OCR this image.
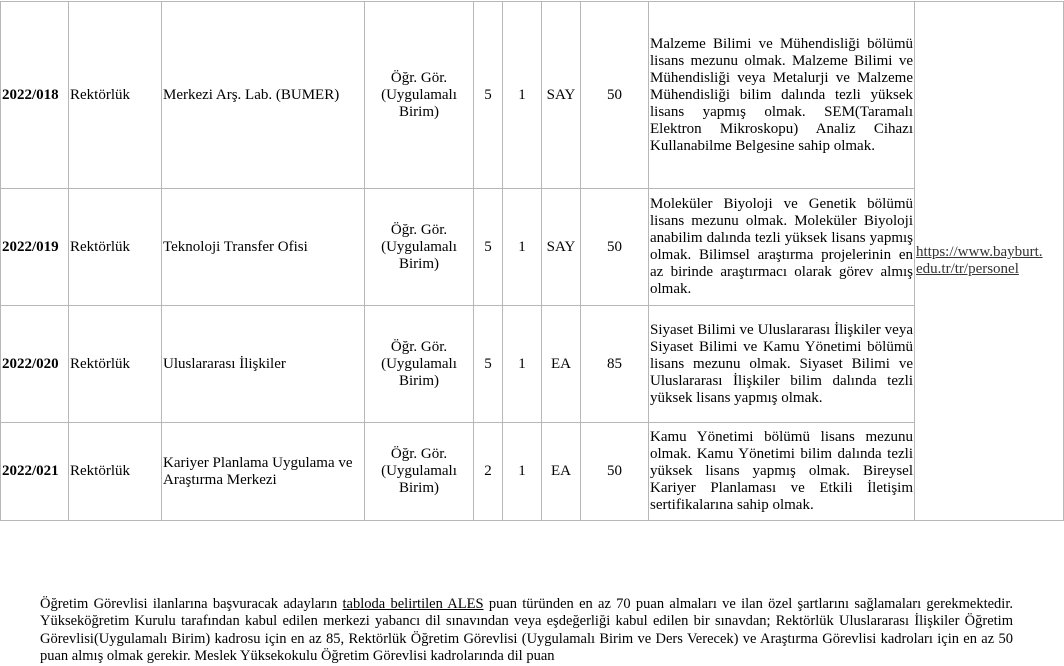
2022/018	Rektörlük	Merkezi Arş. Lab. (BUMER)	Öğr. Gör. (Uygulamalı Birim)	5	1	SAY	50	Malzeme Bilimi ve Mühendisliği bölümü lisans mezunu olmak. Malzeme Bilimi ve Mühendisliği veya Metalurji ve Malzeme Mühendisliği bilim dalında tezli yüksek lisans yapmış olmak. SEM(Taramalı Elektron Mikroskopu) Analiz Cihazı Kullanabilme Belgesine sahip olmak.	https://www.bayburt.
edu.tr/tr/personel
2022/019	Rektörlük	Teknoloji Transfer Ofisi	Öğr. Gör. (Uygulamalı Birim)	5	1	SAY	50	Moleküler Biyoloji ve Genetik bölümü lisans mezunu olmak. Moleküler Biyoloji anabilim dalında tezli yüksek lisans yapmış olmak. Bilimsel araştırma projelerinin en az birinde araştırmacı olarak görev almış olmak.	
2022/020	Rektörlük	Uluslararası İlişkiler	Öğr. Gör. (Uygulamalı Birim)	5	1	EA	85	Siyaset Bilimi ve Uluslararası İlişkiler veya Siyaset Bilimi ve Kamu Yönetimi bölümü lisans mezunu olmak. Siyaset Bilimi ve Uluslararası İlişkiler bilim dalında tezli yüksek lisans yapmış olmak.	
2022/021	Rektörlük	Kariyer Planlama Uygulama ve Araştırma Merkezi	Öğr. Gör. (Uygulamalı Birim)	2	1	EA	50	Kamu Yönetimi bölümü lisans mezunu olmak. Kamu Yönetimi bilim dalında tezli yüksek lisans yapmış olmak. Bireysel Kariyer Planlaması ve Etkili İletişim sertifikalarına sahip olmak.	

Öğretim Görevlisi ilanlarına başvuracak adayların tabloda belirtilen ALES puan türünden en az 70 puan almaları ve ilan özel şartlarını sağlamaları gerekmektedir. Yükseköğretim Kurulu tarafından kabul edilen merkezi yabancı dil sınavından veya eşdeğerliği kabul edilen bir sınavdan; Rektörlük Uluslararası İlişkiler Öğretim Görevlisi(Uygulamalı Birim) kadrosu için en az 85, Rektörlük Öğretim Görevlisi (Uygulamalı Birim ve Ders Verecek) ve Araştırma Görevlisi kadroları için en az 50 puan almış olmak gerekir. Meslek Yüksekokulu Öğretim Görevlisi kadrolarında dil puan
